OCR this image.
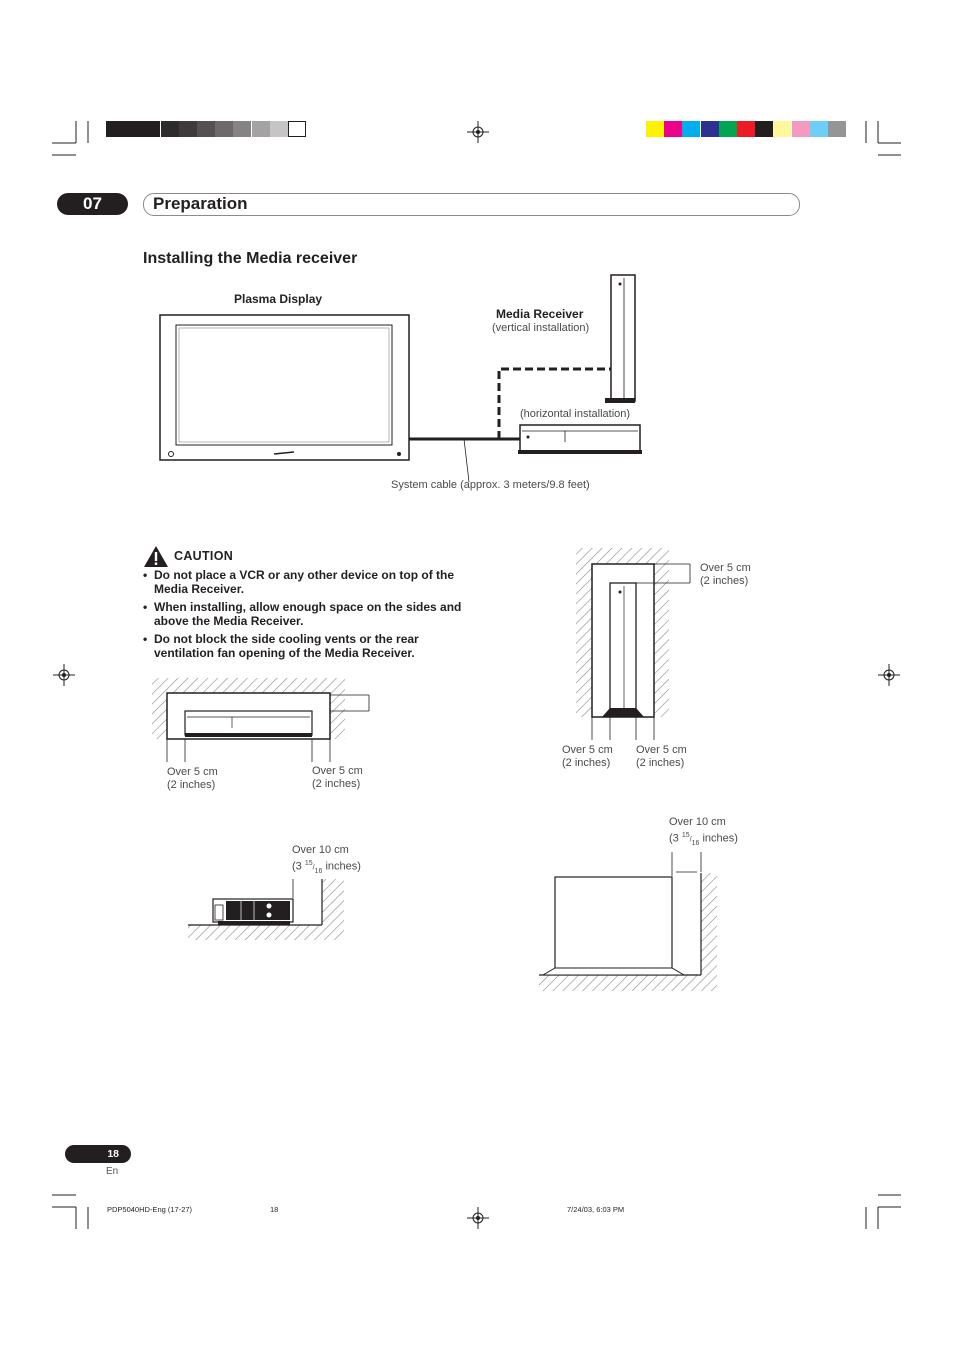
07	Preparation
Installing the Media receiver
Plasma Display
Media Receiver
(vertical installation)
(horizontal installation)
System cable (approx. 3 meters/9.8 feet)
CAUTION
• Do not place a VCR or any other device on top of the Media Receiver.
• When installing, allow enough space on the sides and above the Media Receiver.
• Do not block the side cooling vents or the rear ventilation fan opening of the Media Receiver.
Over 5 cm
(2 inches)
Over 5 cm
(2 inches)
Over 5 cm
(2 inches)
Over 5 cm
(2 inches)
Over 5 cm
(2 inches)
Over 10 cm
(3 $^{15}/_{16}$ inches)
Over 10 cm
(3 $^{15}/_{16}$ inches)
18
En
PDP5040HD-Eng (17-27)	18	7/24/03, 6:03 PM
